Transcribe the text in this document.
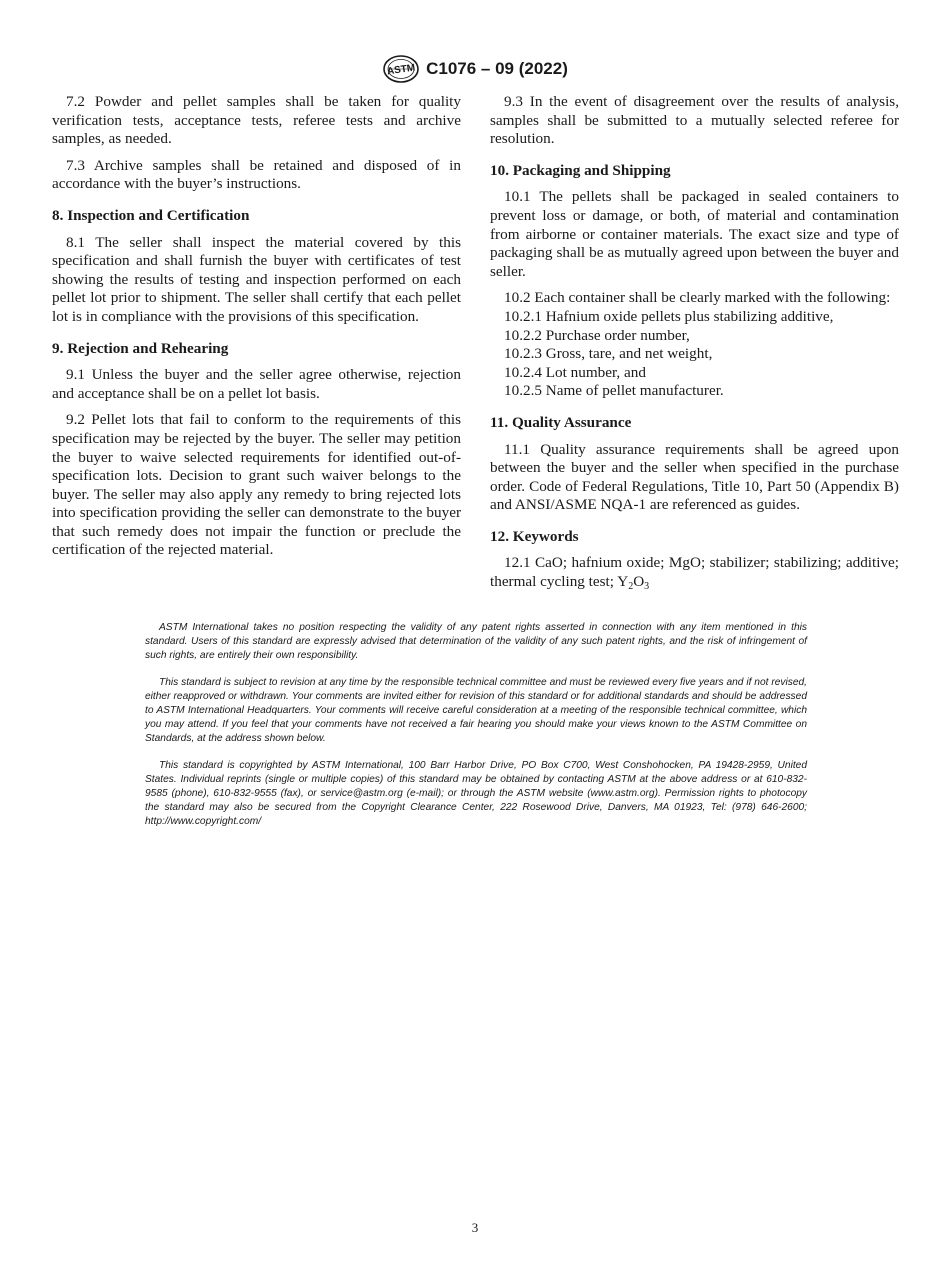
ASTM C1076 – 09 (2022)

7.2 Powder and pellet samples shall be taken for quality verification tests, acceptance tests, referee tests and archive samples, as needed.

7.3 Archive samples shall be retained and disposed of in accordance with the buyer’s instructions.

8. Inspection and Certification

8.1 The seller shall inspect the material covered by this specification and shall furnish the buyer with certificates of test showing the results of testing and inspection performed on each pellet lot prior to shipment. The seller shall certify that each pellet lot is in compliance with the provisions of this specification.

9. Rejection and Rehearing

9.1 Unless the buyer and the seller agree otherwise, rejection and acceptance shall be on a pellet lot basis.

9.2 Pellet lots that fail to conform to the requirements of this specification may be rejected by the buyer. The seller may petition the buyer to waive selected requirements for identified out-of-specification lots. Decision to grant such waiver belongs to the buyer. The seller may also apply any remedy to bring rejected lots into specification providing the seller can demonstrate to the buyer that such remedy does not impair the function or preclude the certification of the rejected material.

9.3 In the event of disagreement over the results of analysis, samples shall be submitted to a mutually selected referee for resolution.

10. Packaging and Shipping

10.1 The pellets shall be packaged in sealed containers to prevent loss or damage, or both, of material and contamination from airborne or container materials. The exact size and type of packaging shall be as mutually agreed upon between the buyer and seller.

10.2 Each container shall be clearly marked with the following:

10.2.1 Hafnium oxide pellets plus stabilizing additive,

10.2.2 Purchase order number,

10.2.3 Gross, tare, and net weight,

10.2.4 Lot number, and

10.2.5 Name of pellet manufacturer.

11. Quality Assurance

11.1 Quality assurance requirements shall be agreed upon between the buyer and the seller when specified in the purchase order. Code of Federal Regulations, Title 10, Part 50 (Appendix B) and ANSI/ASME NQA-1 are referenced as guides.

12. Keywords

12.1 CaO; hafnium oxide; MgO; stabilizer; stabilizing; additive; thermal cycling test; $Y_2O_3$

ASTM International takes no position respecting the validity of any patent rights asserted in connection with any item mentioned in this standard. Users of this standard are expressly advised that determination of the validity of any such patent rights, and the risk of infringement of such rights, are entirely their own responsibility.

This standard is subject to revision at any time by the responsible technical committee and must be reviewed every five years and if not revised, either reapproved or withdrawn. Your comments are invited either for revision of this standard or for additional standards and should be addressed to ASTM International Headquarters. Your comments will receive careful consideration at a meeting of the responsible technical committee, which you may attend. If you feel that your comments have not received a fair hearing you should make your views known to the ASTM Committee on Standards, at the address shown below.

This standard is copyrighted by ASTM International, 100 Barr Harbor Drive, PO Box C700, West Conshohocken, PA 19428-2959, United States. Individual reprints (single or multiple copies) of this standard may be obtained by contacting ASTM at the above address or at 610-832-9585 (phone), 610-832-9555 (fax), or service@astm.org (e-mail); or through the ASTM website (www.astm.org). Permission rights to photocopy the standard may also be secured from the Copyright Clearance Center, 222 Rosewood Drive, Danvers, MA 01923, Tel: (978) 646-2600; http://www.copyright.com/

3
